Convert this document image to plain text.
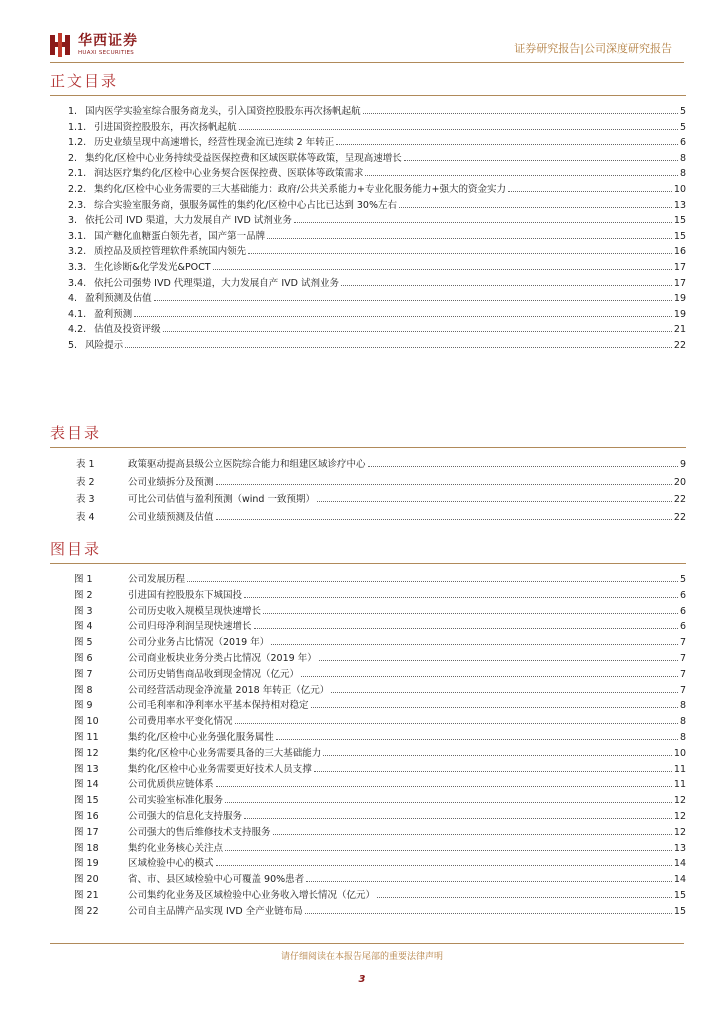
华西证券
HUAXI SECURITIES	证券研究报告|公司深度研究报告
正文目录
1. 国内医学实验室综合服务商龙头，引入国资控股股东再次扬帆起航	5
1.1. 引进国资控股股东，再次扬帆起航	5
1.2. 历史业绩呈现中高速增长，经营性现金流已连续 2 年转正	6
2. 集约化/区检中心业务持续受益医保控费和区域医联体等政策，呈现高速增长	8
2.1. 润达医疗集约化/区检中心业务契合医保控费、医联体等政策需求	8
2.2. 集约化/区检中心业务需要的三大基础能力：政府/公共关系能力+专业化服务能力+强大的资金实力	10
2.3. 综合实验室服务商，强服务属性的集约化/区检中心占比已达到 30%左右	13
3. 依托公司 IVD 渠道，大力发展自产 IVD 试剂业务	15
3.1. 国产糖化血糖蛋白领先者，国产第一品牌	15
3.2. 质控品及质控管理软件系统国内领先	16
3.3. 生化诊断&化学发光&POCT	17
3.4. 依托公司强势 IVD 代理渠道，大力发展自产 IVD 试剂业务	17
4. 盈利预测及估值	19
4.1. 盈利预测	19
4.2. 估值及投资评级	21
5. 风险提示	22
表目录
表 1	政策驱动提高县级公立医院综合能力和组建区域诊疗中心	9
表 2	公司业绩拆分及预测	20
表 3	可比公司估值与盈利预测（wind 一致预期）	22
表 4	公司业绩预测及估值	22
图目录
图 1	公司发展历程	5
图 2	引进国有控股股东下城国投	6
图 3	公司历史收入规模呈现快速增长	6
图 4	公司归母净利润呈现快速增长	6
图 5	公司分业务占比情况（2019 年）	7
图 6	公司商业板块业务分类占比情况（2019 年）	7
图 7	公司历史销售商品收到现金情况（亿元）	7
图 8	公司经营活动现金净流量 2018 年转正（亿元）	7
图 9	公司毛利率和净利率水平基本保持相对稳定	8
图 10	公司费用率水平变化情况	8
图 11	集约化/区检中心业务强化服务属性	8
图 12	集约化/区检中心业务需要具备的三大基础能力	10
图 13	集约化/区检中心业务需要更好技术人员支撑	11
图 14	公司优质供应链体系	11
图 15	公司实验室标准化服务	12
图 16	公司强大的信息化支持服务	12
图 17	公司强大的售后维修技术支持服务	12
图 18	集约化业务核心关注点	13
图 19	区域检验中心的模式	14
图 20	省、市、县区域检验中心可覆盖 90%患者	14
图 21	公司集约化业务及区域检验中心业务收入增长情况（亿元）	15
图 22	公司自主品牌产品实现 IVD 全产业链布局	15
请仔细阅读在本报告尾部的重要法律声明
3
